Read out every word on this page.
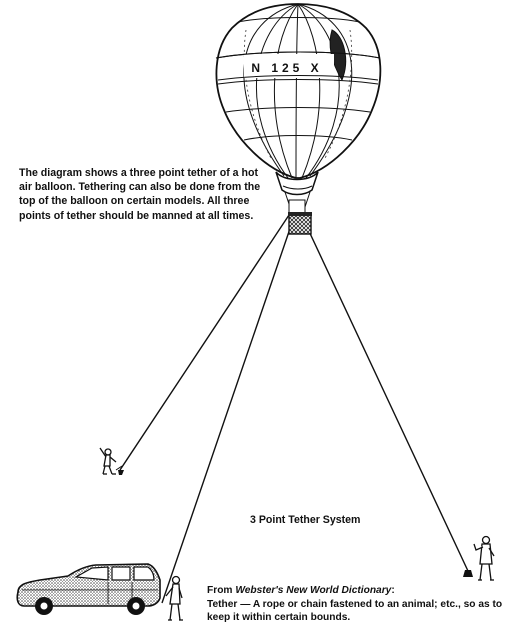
N 125 X
The diagram shows a three point tether of a hot air balloon. Tethering can also be done from the top of the balloon on certain models. All three points of tether should be manned at all times.
3 Point Tether System
From Webster's New World Dictionary:
Tether — A rope or chain fastened to an animal; etc., so as to keep it within certain bounds.
